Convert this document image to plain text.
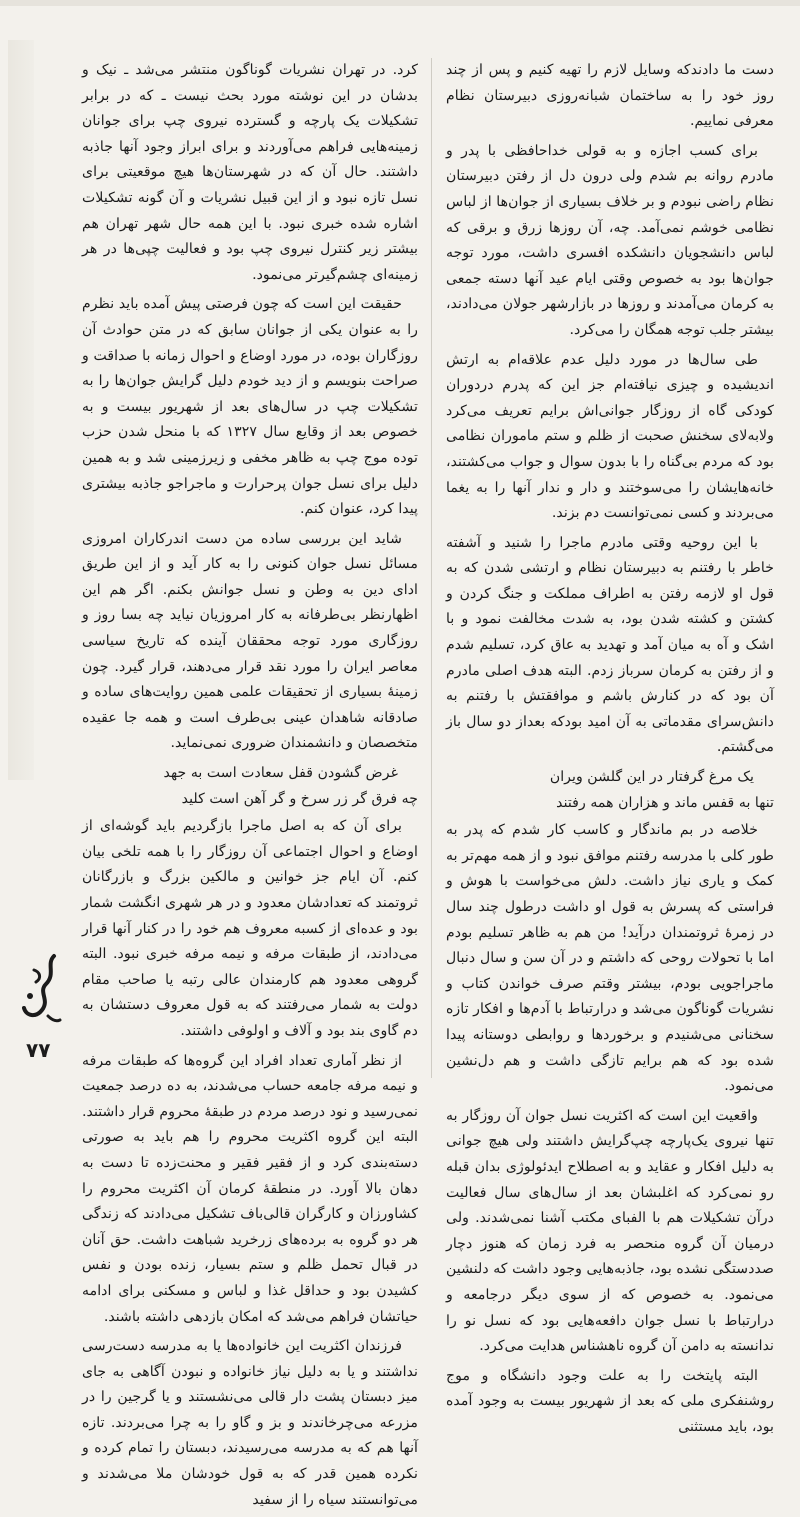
دست ما دادند‌که وسایل لازم را تهیه کنیم و پس از چند روز خود را به ساختمان شبانه‌روزی دبیرستان نظام معرفی نماییم.

برای کسب اجازه و به قولی خداحافظی با پدر و مادرم روانه بم شدم ولی درون دل از رفتن دبیرستان نظام راضی نبودم و بر خلاف بسیاری از جوان‌ها از لباس نظامی خوشم نمی‌آمد. چه، آن روزها زرق و برقی که لباس دانشجویان دانشکده افسری داشت، مورد توجه جوان‌ها بود به خصوص وقتی ایام عید آنها دسته جمعی به کرمان می‌آمدند و روزها در بازارشهر جولان می‌دادند، بیشتر جلب توجه همگان را می‌کرد.

طی سال‌ها در مورد دلیل عدم علاقه‌ام به ارتش اندیشیده و چیزی نیافته‌ام جز این که پدرم دردوران کودکی گاه از روزگار جوانی‌اش برایم تعریف می‌کرد ولابه‌لای سخنش صحبت از ظلم و ستم ماموران نظامی بود که مردم بی‌گناه را با بدون سوال و جواب می‌کشتند، خانه‌هایشان را می‌سوختند و دار و ندار آنها را به یغما می‌بردند و کسی نمی‌توانست دم بزند.

با این روحیه وقتی مادرم ماجرا را شنید و آشفته خاطر با رفتنم به دبیرستان نظام و ارتشی شدن که به قول او لازمه رفتن به اطراف مملکت و جنگ کردن و کشتن و کشته شدن بود، به شدت مخالفت نمود و با اشک و آه به میان آمد و تهدید به عاق کرد، تسلیم شدم و از رفتن به کرمان سرباز زدم. البته هدف اصلی مادرم آن بود که در کنارش باشم و موافقتش با رفتنم به دانش‌سرای مقدماتی به آن امید بودکه بعداز دو سال باز می‌گشتم.

یک مرغ گرفتار در این گلشن ویران
تنها به قفس ماند و هزاران همه رفتند

خلاصه در بم ماندگار و کاسب کار شدم که پدر به طور کلی با مدرسه رفتنم موافق نبود و از همه مهم‌تر به کمک و یاری نیاز داشت. دلش می‌خواست با هوش و فراستی که پسرش به قول او داشت درطول چند سال در زمرهٔ ثروتمندان درآید! من هم به ظاهر تسلیم بودم اما با تحولات روحی که داشتم و در آن سن و سال دنبال ماجراجویی بودم، بیشتر وقتم صرف خواندن کتاب و نشریات گوناگون می‌شد و درارتباط با آدم‌ها و افکار تازه سخنانی می‌شنیدم و برخوردها و روابطی دوستانه پیدا شده بود که هم برایم تازگی داشت و هم دل‌نشین می‌نمود.

واقعیت این است که اکثریت نسل جوان آن روزگار به تنها نیروی یک‌پارچه چپ‌گرایش داشتند ولی هیچ جوانی به دلیل افکار و عقاید و به اصطلاح ایدئولوژی بدان قبله رو نمی‌کرد که اغلبشان بعد از سال‌های سال فعالیت درآن تشکیلات هم با الفبای مکتب آشنا نمی‌شدند. ولی درمیان آن گروه منحصر به فرد زمان که هنوز دچار صددستگی نشده بود، جاذبه‌هایی وجود داشت که دلنشین می‌نمود. به خصوص که از سوی دیگر درجامعه و درارتباط با نسل جوان دافعه‌هایی بود که نسل نو را ندانسته به دامن آن گروه ناهشناس هدایت می‌کرد.

البته پایتخت را به علت وجود دانشگاه و موج روشنفکری ملی که بعد از شهریور بیست به وجود آمده بود، باید مستثنی

کرد. در تهران نشریات گوناگون منتشر می‌شد ـ نیک و بدشان در این نوشته مورد بحث نیست ـ که در برابر تشکیلات یک پارچه و گسترده نیروی چپ برای جوانان زمینه‌هایی فراهم می‌آوردند و برای ابراز وجود آنها جاذبه داشتند. حال آن که در شهرستان‌ها هیچ موقعیتی برای نسل تازه نبود و از این قبیل نشریات و آن گونه تشکیلات اشاره شده خبری نبود. با این همه حال شهر تهران هم بیشتر زیر کنترل نیروی چپ بود و فعالیت چپی‌ها در هر زمینه‌ای چشم‌گیرتر می‌نمود.

حقیقت این است که چون فرصتی پیش آمده باید نظرم را به عنوان یکی از جوانان سابق که در متن حوادث آن روزگاران بوده، در مورد اوضاع و احوال زمانه با صداقت و صراحت بنویسم و از دید خودم دلیل گرایش جوان‌ها را به تشکیلات چپ در سال‌های بعد از شهریور بیست و به خصوص بعد از وقایع سال ۱۳۲۷ که با منحل شدن حزب توده موج چپ به ظاهر مخفی و زیرزمینی شد و به همین دلیل برای نسل جوان پرحرارت و ماجراجو جاذبه بیشتری پیدا کرد، عنوان کنم.

شاید این بررسی ساده من دست اندرکاران امروزی مسائل نسل جوان کنونی را به کار آید و از این طریق ادای دین به وطن و نسل جوانش بکنم. اگر هم این اظهارنظر بی‌طرفانه به کار امروزیان نیاید چه بسا روز و روزگاری مورد توجه محققان آینده که تاریخ سیاسی معاصر ایران را مورد نقد قرار می‌دهند، قرار گیرد. چون زمینهٔ بسیاری از تحقیقات علمی همین روایت‌های ساده و صادقانه شاهدان عینی بی‌طرف است و همه جا عقیده متخصصان و دانشمندان ضروری نمی‌نماید.

غرض گشودن قفل سعادت است به جهد
چه فرق گر زر سرخ و گر آهن است کلید

برای آن که به اصل ماجرا بازگردیم باید گوشه‌ای از اوضاع و احوال اجتماعی آن روزگار را با همه تلخی بیان کنم. آن ایام جز خوانین و مالکین بزرگ و بازرگانان ثروتمند که تعدادشان معدود و در هر شهری انگشت شمار بود و عده‌ای از کسبه معروف هم خود را در کنار آنها قرار می‌دادند، از طبقات مرفه و نیمه مرفه خبری نبود. البته گروهی معدود هم کارمندان عالی رتبه یا صاحب مقام دولت به شمار می‌رفتند که به قول معروف دستشان به دم گاوی بند بود و آلاف و اولوفی داشتند.

از نظر آماری تعداد افراد این گروه‌ها که طبقات مرفه و نیمه مرفه جامعه حساب می‌شدند، به ده درصد جمعیت نمی‌رسید و نود درصد مردم در طبقهٔ محروم قرار داشتند. البته این گروه اکثریت محروم را هم باید به صورتی دسته‌بندی کرد و از فقیر فقیر و محنت‌زده تا دست به دهان بالا آورد. در منطقهٔ کرمان آن اکثریت محروم را کشاورزان و کارگران قالی‌باف تشکیل می‌دادند که زندگی هر دو گروه به برده‌های زرخرید شباهت داشت. حق آنان در قبال تحمل ظلم و ستم بسیار، زنده بودن و نفس کشیدن بود و حداقل غذا و لباس و مسکنی برای ادامه حیاتشان فراهم می‌شد که امکان بازدهی داشته باشند.

فرزندان اکثریت این خانواده‌ها یا به مدرسه دست‌رسی نداشتند و یا به دلیل نیاز خانواده و نبودن آگاهی به جای میز دبستان پشت دار قالی می‌نشستند و یا گرجین را در مزرعه می‌چرخاندند و بز و گاو را به چرا می‌بردند. تازه آنها هم که به مدرسه می‌رسیدند، دبستان را تمام کرده و نکرده همین قدر که به قول خودشان ملا می‌شدند و می‌توانستند سیاه را از سفید

۷۷
